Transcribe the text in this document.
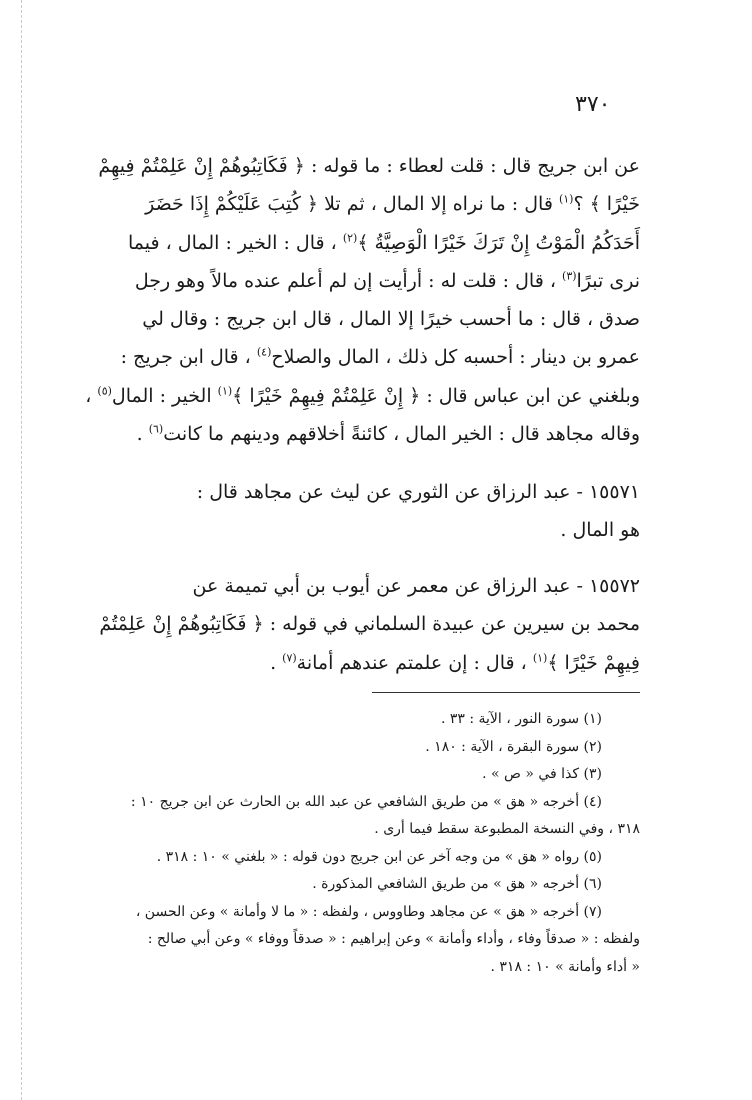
٣٧٠

عن ابن جريج قال : قلت لعطاء : ما قوله : ﴿ فَكَاتِبُوهُمْ إِنْ عَلِمْتُمْ فِيهِمْ

خَيْرًا ﴾ ؟$^{(١)}$ قال : ما نراه إلا المال ، ثم تلا ﴿ كُتِبَ عَلَيْكُمْ إِذَا حَضَرَ

أَحَدَكُمُ الْمَوْتُ إِنْ تَرَكَ خَيْرًا الْوَصِيَّةُ ﴾$^{(٢)}$ ، قال : الخير : المال ، فيما

نرى تبرًا$^{(٣)}$ ، قال : قلت له : أرأيت إن لم أعلم عنده مالاً وهو رجل

صدق ، قال : ما أحسب خيرًا إلا المال ، قال ابن جريج : وقال لي

عمرو بن دينار : أحسبه كل ذلك ، المال والصلاح$^{(٤)}$ ، قال ابن جريج :

وبلغني عن ابن عباس قال : ﴿ إِنْ عَلِمْتُمْ فِيهِمْ خَيْرًا ﴾$^{(١)}$ الخير : المال$^{(٥)}$ ،

وقاله مجاهد قال : الخير المال ، كائنةً أخلاقهم ودينهم ما كانت$^{(٦)}$ .

١٥٥٧١ - عبد الرزاق عن الثوري عن ليث عن مجاهد قال :

هو المال .

١٥٥٧٢ - عبد الرزاق عن معمر عن أيوب بن أبي تميمة عن

محمد بن سيرين عن عبيدة السلماني في قوله : ﴿ فَكَاتِبُوهُمْ إِنْ عَلِمْتُمْ

فِيهِمْ خَيْرًا ﴾$^{(١)}$ ، قال : إن علمتم عندهم أمانة$^{(٧)}$ .

(١) سورة النور ، الآية : ٣٣ .

(٢) سورة البقرة ، الآية : ١٨٠ .

(٣) كذا في « ص » .

(٤) أخرجه « هق » من طريق الشافعي عن عبد الله بن الحارث عن ابن جريج ١٠ :

٣١٨ ، وفي النسخة المطبوعة سقط فيما أرى .

(٥) رواه « هق » من وجه آخر عن ابن جريج دون قوله : « بلغني » ١٠ : ٣١٨ .

(٦) أخرجه « هق » من طريق الشافعي المذكورة .

(٧) أخرجه « هق » عن مجاهد وطاووس ، ولفظه : « ما لا وأمانة » وعن الحسن ،

ولفظه : « صدقاً وفاء ، وأداء وأمانة » وعن إبراهيم : « صدقاً ووفاء » وعن أبي صالح :

« أداء وأمانة » ١٠ : ٣١٨ .
